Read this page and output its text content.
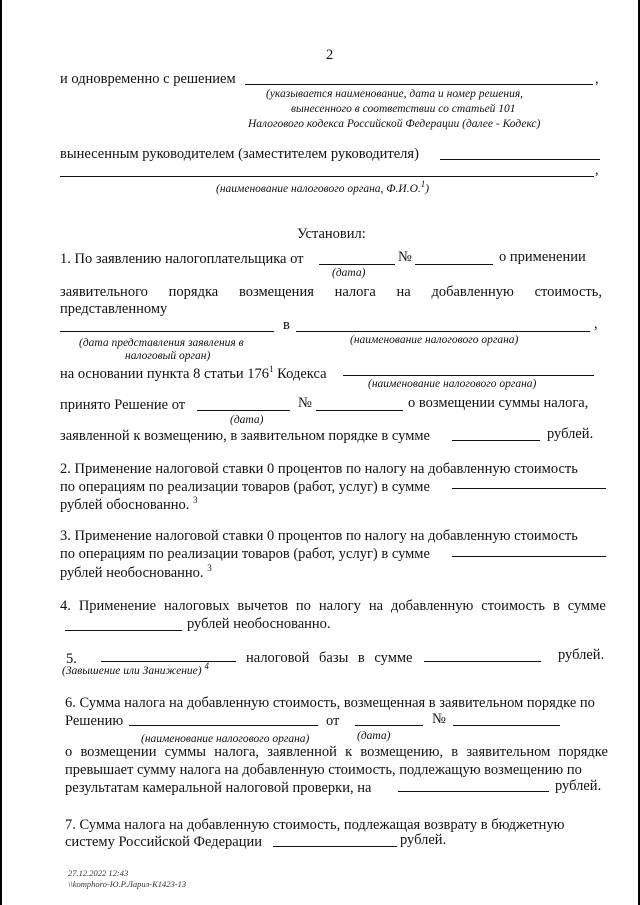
2
и одновременно с решением	,
(указывается наименование, дата и номер решения,
вынесенного в соответствии со статьей 101
Налогового кодекса Российской Федерации (далее - Кодекс)
вынесенным руководителем (заместителем руководителя)
,
(наименование налогового органа, Ф.И.О.$^1$)
Установил:
1. По заявлению налогоплательщика от	№	о применении
(дата)
заявительного порядка возмещения налога на добавленную стоимость,
представленному
в	,
(дата представления заявления в
налоговый орган)
(наименование налогового органа)
на основании пункта 8 статьи $176^1$ Кодекса
(наименование налогового органа)
принято Решение от	№	о возмещении суммы налога,
(дата)
заявленной к возмещению, в заявительном порядке в сумме	рублей.
2. Применение налоговой ставки 0 процентов по налогу на добавленную стоимость
по операциям по реализации товаров (работ, услуг) в сумме
рублей обоснованно. $^3$
3. Применение налоговой ставки 0 процентов по налогу на добавленную стоимость
по операциям по реализации товаров (работ, услуг) в сумме
рублей необоснованно. $^3$
4. Применение налоговых вычетов по налогу на добавленную стоимость в сумме
рублей необоснованно.
5.	налоговой базы в сумме	рублей.
(Завышение или Занижение) $^4$
6. Сумма налога на добавленную стоимость, возмещенная в заявительном порядке по
Решению	от	№
(наименование налогового органа)	(дата)
о возмещении суммы налога, заявленной к возмещению, в заявительном порядке
превышает сумму налога на добавленную стоимость, подлежащую возмещению по
результатам камеральной налоговой проверки, на	рублей.
7. Сумма налога на добавленную стоимость, подлежащая возврату в бюджетную
систему Российской Федерации	рублей.
27.12.2022 12:43
\\komphoro-Ю.Р.Ларил-К1423-13
